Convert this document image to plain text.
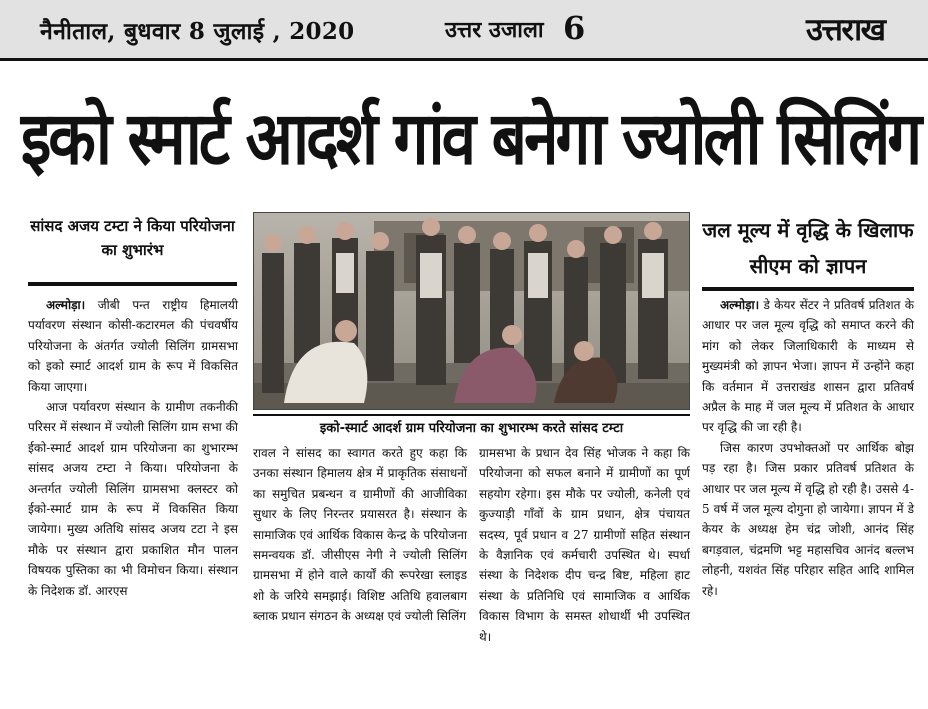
नैनीताल, बुधवार 8 जुलाई , 2020	उत्तर उजाला 6	उत्तराख
इको स्मार्ट आदर्श गांव बनेगा ज्योली सिलिंग
सांसद अजय टम्टा ने किया परियोजना का शुभारंभ
इको-स्मार्ट आदर्श ग्राम परियोजना का शुभारम्भ करते सांसद टम्टा
जल मूल्य में वृद्धि के खिलाफ सीएम को ज्ञापन

अल्मोड़ा। जीबी पन्त राष्ट्रीय हिमालयी पर्यावरण संस्थान कोसी-कटारमल की पंचवर्षीय परियोजना के अंतर्गत ज्योली सिलिंग ग्रामसभा को इको स्मार्ट आदर्श ग्राम के रूप में विकसित किया जाएगा।

आज पर्यावरण संस्थान के ग्रामीण तकनीकी परिसर में संस्थान में ज्योली सिलिंग ग्राम सभा की ईको-स्मार्ट आदर्श ग्राम परियोजना का शुभारम्भ सांसद अजय टम्टा ने किया। परियोजना के अन्तर्गत ज्योली सिलिंग ग्रामसभा क्लस्टर को ईको-स्मार्ट ग्राम के रूप में विकसित किया जायेगा। मुख्य अतिथि सांसद अजय टटा ने इस मौके पर संस्थान द्वारा प्रकाशित मौन पालन विषयक पुस्तिका का भी विमोचन किया। संस्थान के निदेशक डॉ. आरएस

रावल ने सांसद का स्वागत करते हुए कहा कि उनका संस्थान हिमालय क्षेत्र में प्राकृतिक संसाधनों का समुचित प्रबन्धन व ग्रामीणों की आजीविका सुधार के लिए निरन्तर प्रयासरत है। संस्थान के सामाजिक एवं आर्थिक विकास केन्द्र के परियोजना समन्वयक डॉ. जीसीएस नेगी ने ज्योली सिलिंग ग्रामसभा में होने वाले कार्यों की रूपरेखा स्लाइड शो के जरिये समझाई। विशिष्ट अतिथि हवालबाग ब्लाक प्रधान संगठन के अध्यक्ष एवं ज्योली सिलिंग

ग्रामसभा के प्रधान देव सिंह भोजक ने कहा कि परियोजना को सफल बनाने में ग्रामीणों का पूर्ण सहयोग रहेगा। इस मौके पर ज्योली, कनेली एवं कुज्याड़ी गाँवों के ग्राम प्रधान, क्षेत्र पंचायत सदस्य, पूर्व प्रधान व 27 ग्रामीणों सहित संस्थान के वैज्ञानिक एवं कर्मचारी उपस्थित थे। स्पर्धा संस्था के निदेशक दीप चन्द्र बिष्ट, महिला हाट संस्था के प्रतिनिधि एवं सामाजिक व आर्थिक विकास विभाग के समस्त शोधार्थी भी उपस्थित थे।

अल्मोड़ा। डे केयर सेंटर ने प्रतिवर्ष प्रतिशत के आधार पर जल मूल्य वृद्धि को समाप्त करने की मांग को लेकर जिलाधिकारी के माध्यम से मुख्यमंत्री को ज्ञापन भेजा। ज्ञापन में उन्होंने कहा कि वर्तमान में उत्तराखंड शासन द्वारा प्रतिवर्ष अप्रैल के माह में जल मूल्य में प्रतिशत के आधार पर वृद्धि की जा रही है।

जिस कारण उपभोक्तओं पर आर्थिक बोझ पड़ रहा है। जिस प्रकार प्रतिवर्ष प्रतिशत के आधार पर जल मूल्य में वृद्धि हो रही है। उससे 4-5 वर्ष में जल मूल्य दोगुना हो जायेगा। ज्ञापन में डे केयर के अध्यक्ष हेम चंद्र जोशी, आनंद सिंह बगड़वाल, चंद्रमणि भट्ट महासचिव आनंद बल्लभ लोहनी, यशवंत सिंह परिहार सहित आदि शामिल रहे।
